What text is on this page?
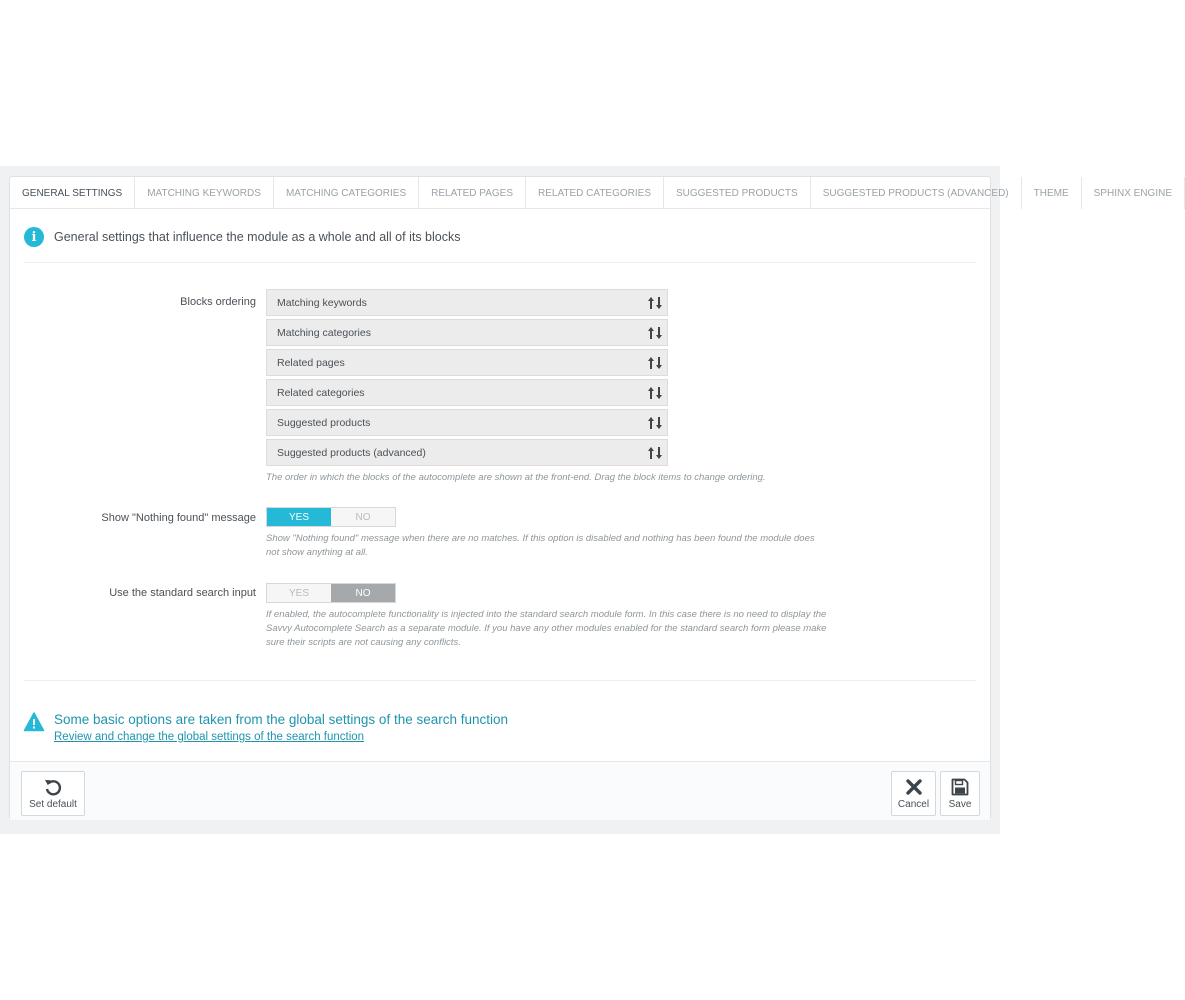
GENERAL SETTINGS	MATCHING KEYWORDS	MATCHING CATEGORIES	RELATED PAGES	RELATED CATEGORIES	SUGGESTED PRODUCTS	SUGGESTED PRODUCTS (ADVANCED)	THEME	SPHINX ENGINE
i	General settings that influence the module as a whole and all of its blocks
Blocks ordering Matching keywords
Matching categories
Related pages
Related categories
Suggested products
Suggested products (advanced)
The order in which the blocks of the autocomplete are shown at the front-end. Drag the block items to change ordering.
Show "Nothing found" message	YES	NO
Show "Nothing found" message when there are no matches. If this option is disabled and nothing has been found the module does
not show anything at all.
Use the standard search input	YES	NO
If enabled, the autocomplete functionality is injected into the standard search module form. In this case there is no need to display the
Savvy Autocomplete Search as a separate module. If you have any other modules enabled for the standard search form please make
sure their scripts are not causing any conflicts.
Some basic options are taken from the global settings of the search function
Review and change the global settings of the search function
Set default	Cancel Save
